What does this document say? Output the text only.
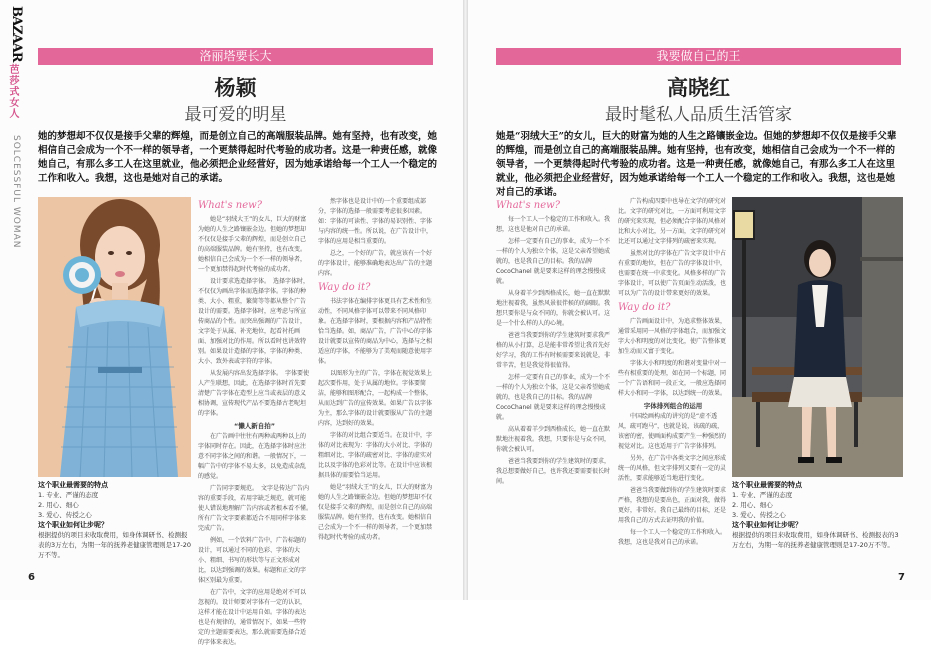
BAZAAR
芭莎式女人
SOLCESSFUL WOMAN
洛丽塔要长大
杨颖
最可爱的明星
她的梦想却不仅仅是接手父辈的辉煌，而是创立自己的高端服装品牌。她有坚持，也有改变，她相信自己会成为一个不一样的领导者，一个更禁得起时代考验的成功者。这是一种责任感，就像她自己，有那么多工人在这里就业，他必须把企业经营好，因为她承诺给每一个工人一个稳定的工作和收入。我想，这也是她对自己的承诺。
What's new?

她是“羽绒大王”的女儿，巨大的财富为她的人生之路镶嵌金边。但她的梦想却不仅仅是接手父辈的辉煌，而是创立自己的高端服装品牌。她有坚持，也有改变。她相信自己会成为一个不一样的领导者，一个更加禁得起时代考验的成功者。

设计要求选造择字体。　选择字体时，不仅仅为画出字体而选择字体。字体的种类、大小、粗重，繁简等等都从整个广告设计的需要。选择字体时，应考虑与所宣传商品的个性。而突出强调的广告设计，文字处于从属、补充地位，起看衬托画面、加强对比的作用。所以看时也讲效特别。如果设计造择的字体，字体的种类、大小、致外表或字符的字体。

从发展内容出发选择字体。　字体要使人产生联想，因此，在选择字体时首先要清楚广告字体在造型上应当或表层的意义相协调，宣传现代产品不要选择古老呢坦的字体。

“懒人新自拍”

在广告画中往往有两种或两种以上的字体同时存在。因此，在选择字体时应注意不同字体之间的和谐。一般情况下，一幅广告中的字体不易太多，以免造成杂乱的感觉。

广告同字要规范。　文字是传达广告内容的重要手段，若用字缺乏规范，就可能使人错误地理解广告内容或者根本看不懂。　所有广告文字要素都适合不用同样字体来完成广告。

例如，一个饮料广告中，广告标题的设计，可以通过不同的色彩、字体的大小、粗细、书写的形状等与正文形成对比，以达到强调的效果。标题和正文的字体区别最为重要。

在广告中，文字的应用是绝对不可以忽视的。设计师要对字体有一定的认识，这样才能在设计中运用自如。字体的表达也是有规律的，通常情况下，如果一些特定的主题需要表达，那么就需要选择合适的字体来表达。

然字体也是设计中的一个重要组成部分，字体的选择一般需要考虑很多因素。如：字体的可读性、字体的易识别性、字体与内容的统一性。所以说，在广告设计中，字体的应用是相当重要的。

总之，一个好的广告，就应该有一个好的字体设计，能够准确地表达出广告的主题内容。

Way do it?

书法字体在编排字体更具有艺术性和生动性，不同风格字体可以带来不同风格印象。在选择字体时，要根据内容和产品特性恰当选择。如，商品广告，广告中心的字体设计就要以宣传的商品为中心，选择与之相适应的字体，不能够为了美观而随意使用字体。

以图形为主的广告，字体在视觉效果上起次要作用，处于从属的地位。字体要简洁，能够和图形配合，一起构成一个整体，从而达到广告的宣传效果。如果广告以字体为主，那么字体的设计就要服从广告的主题内容，达到好的效果。

字体的对比组合要适当。在设计中，字体的对比表现为：字体的大小对比、字体的粗细对比、字体的疏密对比、字体的虚实对比以及字体的色彩对比等。在设计中应该根据具体的需要恰当运用。

她是“羽绒大王”的女儿，巨大的财富为她的人生之路镶嵌金边。但她的梦想却不仅仅是接手父辈的辉煌，而是创立自己的高端服装品牌。她有坚持，也有改变。她相信自己会成为一个不一样的领导者，一个更加禁得起时代考验的成功者。

这个职业最需要的特点
1. 专业、严谨的态度
2. 用心、细心
3. 爱心、传授之心
这个职业如何让步呢？
根据提供的项目来收取费用，如身体调研书、检测报表的3万左右，为期一年的抚养老健康管理则是17-20万不等。
6
我要做自己的王
高晓红
最时髦私人品质生活管家
她是“羽绒大王”的女儿，巨大的财富为她的人生之路镶嵌金边。但她的梦想却不仅仅是接手父辈的辉煌，而是创立自己的高端服装品牌。她有坚持，也有改变，她相信自己会成为一个不一样的领导者，一个更禁得起时代考验的成功者。这是一种责任感，就像她自己，有那么多工人在这里就业，他必须把企业经营好，因为她承诺给每一个工人一个稳定的工作和收入。我想，这也是她对自己的承诺。
What's new?

每一个工人一个稳定的工作和收入。我想，这也是他对自己的承诺。

怎样一定要有自己的事业，成为一个不一样的个人为独立个体，这是父亲希望她成就的，也是我自己的目标。我的品牌 CocoChanel 就是要来这样的理念慢慢成就。

从身着羊少到西格成长，她一直在默默地注视着我，虽然风景很伴候的的阔眼。我想只要你是与众不同的，你就会被认可。这是一个什么样的人的心境。

爸爸当我要到你的学生建筑时要求我严格的从小打算，总是能非常希望让我首先好好学习，我的工作有时候需要来说就是，非常辛苦，但是我觉得很值得。

怎样一定要有自己的事业，成为一个不一样的个人为独立个体，这是父亲希望她成就的，也是我自己的目标。我的品牌 CocoChanel 就是要来这样的理念慢慢成就。

高从着着羊少到西格成长，她一直在默默地注视着我。我想，只要你是与众不同，你就会被认可。

爸爸当我要到你的学生建筑时的要求，我总想要做好自己，也许我还要需要很长时间。

广告构成四要中也导在文学的研究对比。文字的研究对比，一方面可利用文字的研究来实现，但必须配合字体的风格对比和大小对比，另一方面，文字的研究对比还可以通过文字排列的疏密来实现。

虽然对比的字体在广告文字设计中占有重要的地位，但在广告的字体设计中，也需要在统一中求变化。风格多样的广告字体设计，可以使广告页面生动活泼，也可以为广告的设计带来更好的效果。

Way do it?

广告画面设计中，为追求整体效果，通常采用同一风格的字体组合，而加强文字大小和明度的对比变化，使广告整体更加生动而又富于变化。

字体大小和明度的和谐对变量中对一些有相重要的处理，如在同一个标题，同一个广告语和同一段正文，一般应选择同样大小和同一字体，以达到统一的效果。

字体排列组合的运用

中国绘画构成的讲究的是“虚不透风，疏可跑马”，也就是说，该疏的疏，该密的密，使画面构成要产生一种强烈的视觉对比。这也适用于广告字体排列。

另外，在广告中各类文字之间应形成统一的风格，但文字排列又要有一定的灵活性，要求能够适当地进行变化。

爸爸当我要做到你的学生建筑时要求严格，我想的是要出色，正面对我，做得更好，非常好。我自己最终的目标，还是用我自己的方式去证明我的价值。

每一个工人一个稳定的工作和收入。我想，这也是我对自己的承诺。

这个职业最需要的特点
1. 专业、严谨的态度
2. 用心、细心
3. 爱心、传授之心
这个职业如何让步呢？
根据提供的项目来收取费用，如身体调研书、检测报表的3万左右，为期一年的抚养老健康管理则是17-20万不等。
7
